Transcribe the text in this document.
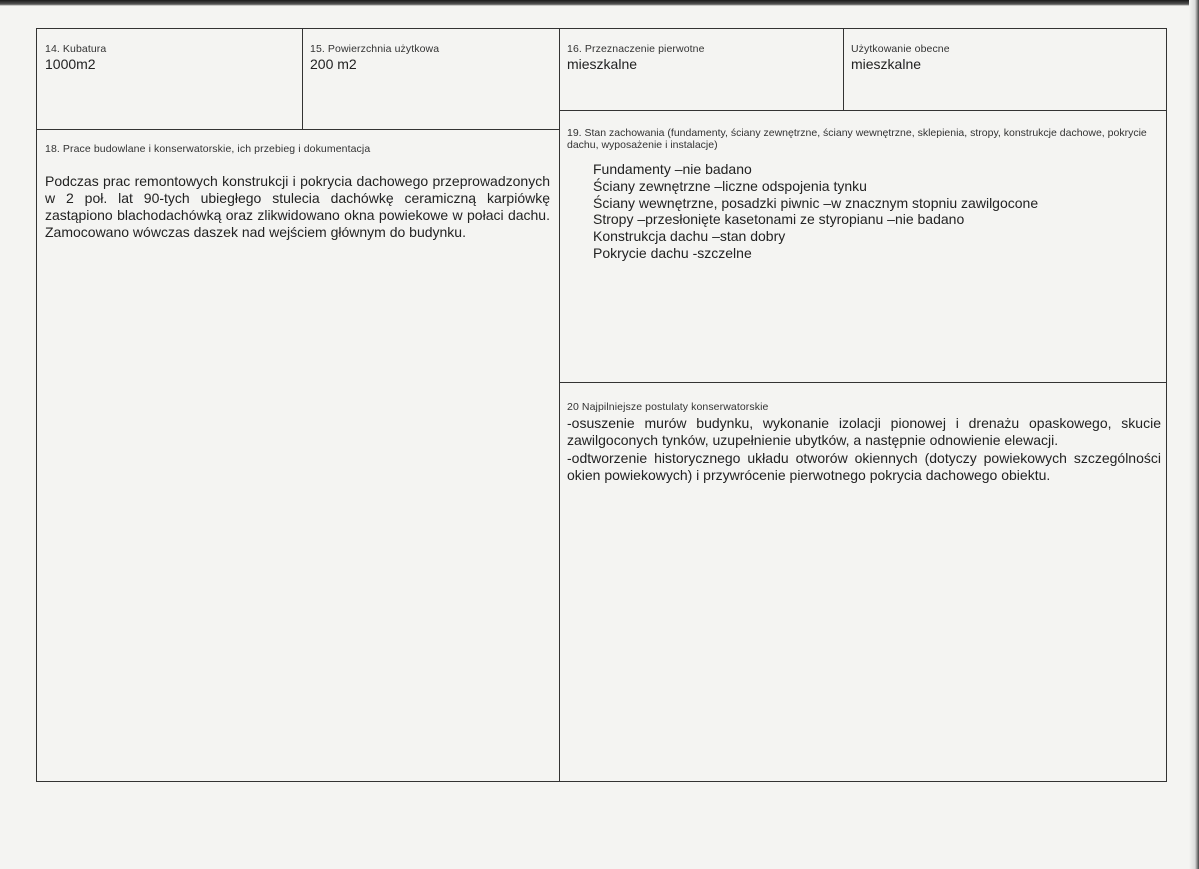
14. Kubatura
1000m2
15. Powierzchnia użytkowa
200 m2
16. Przeznaczenie pierwotne
mieszkalne
Użytkowanie obecne
mieszkalne
18. Prace budowlane i konserwatorskie, ich przebieg i dokumentacja

Podczas prac remontowych konstrukcji i pokrycia dachowego przeprowadzonych w 2 poł. lat 90-tych ubiegłego stulecia dachówkę ceramiczną karpiówkę zastąpiono blachodachówką oraz zlikwidowano okna powiekowe w połaci dachu. Zamocowano wówczas daszek nad wejściem głównym do budynku.

19. Stan zachowania (fundamenty, ściany zewnętrzne, ściany wewnętrzne, sklepienia, stropy, konstrukcje dachowe, pokrycie dachu, wyposażenie i instalacje)
Fundamenty –nie badano
Ściany zewnętrzne –liczne odspojenia tynku
Ściany wewnętrzne, posadzki piwnic –w znacznym stopniu zawilgocone
Stropy –przesłonięte kasetonami ze styropianu –nie badano
Konstrukcja dachu –stan dobry
Pokrycie dachu -szczelne
20 Najpilniejsze postulaty konserwatorskie
-osuszenie murów budynku, wykonanie izolacji pionowej i drenażu opaskowego, skucie zawilgoconych tynków, uzupełnienie ubytków, a następnie odnowienie elewacji.
-odtworzenie historycznego układu otworów okiennych (dotyczy powiekowych szczególności okien powiekowych) i przywrócenie pierwotnego pokrycia dachowego obiektu.
